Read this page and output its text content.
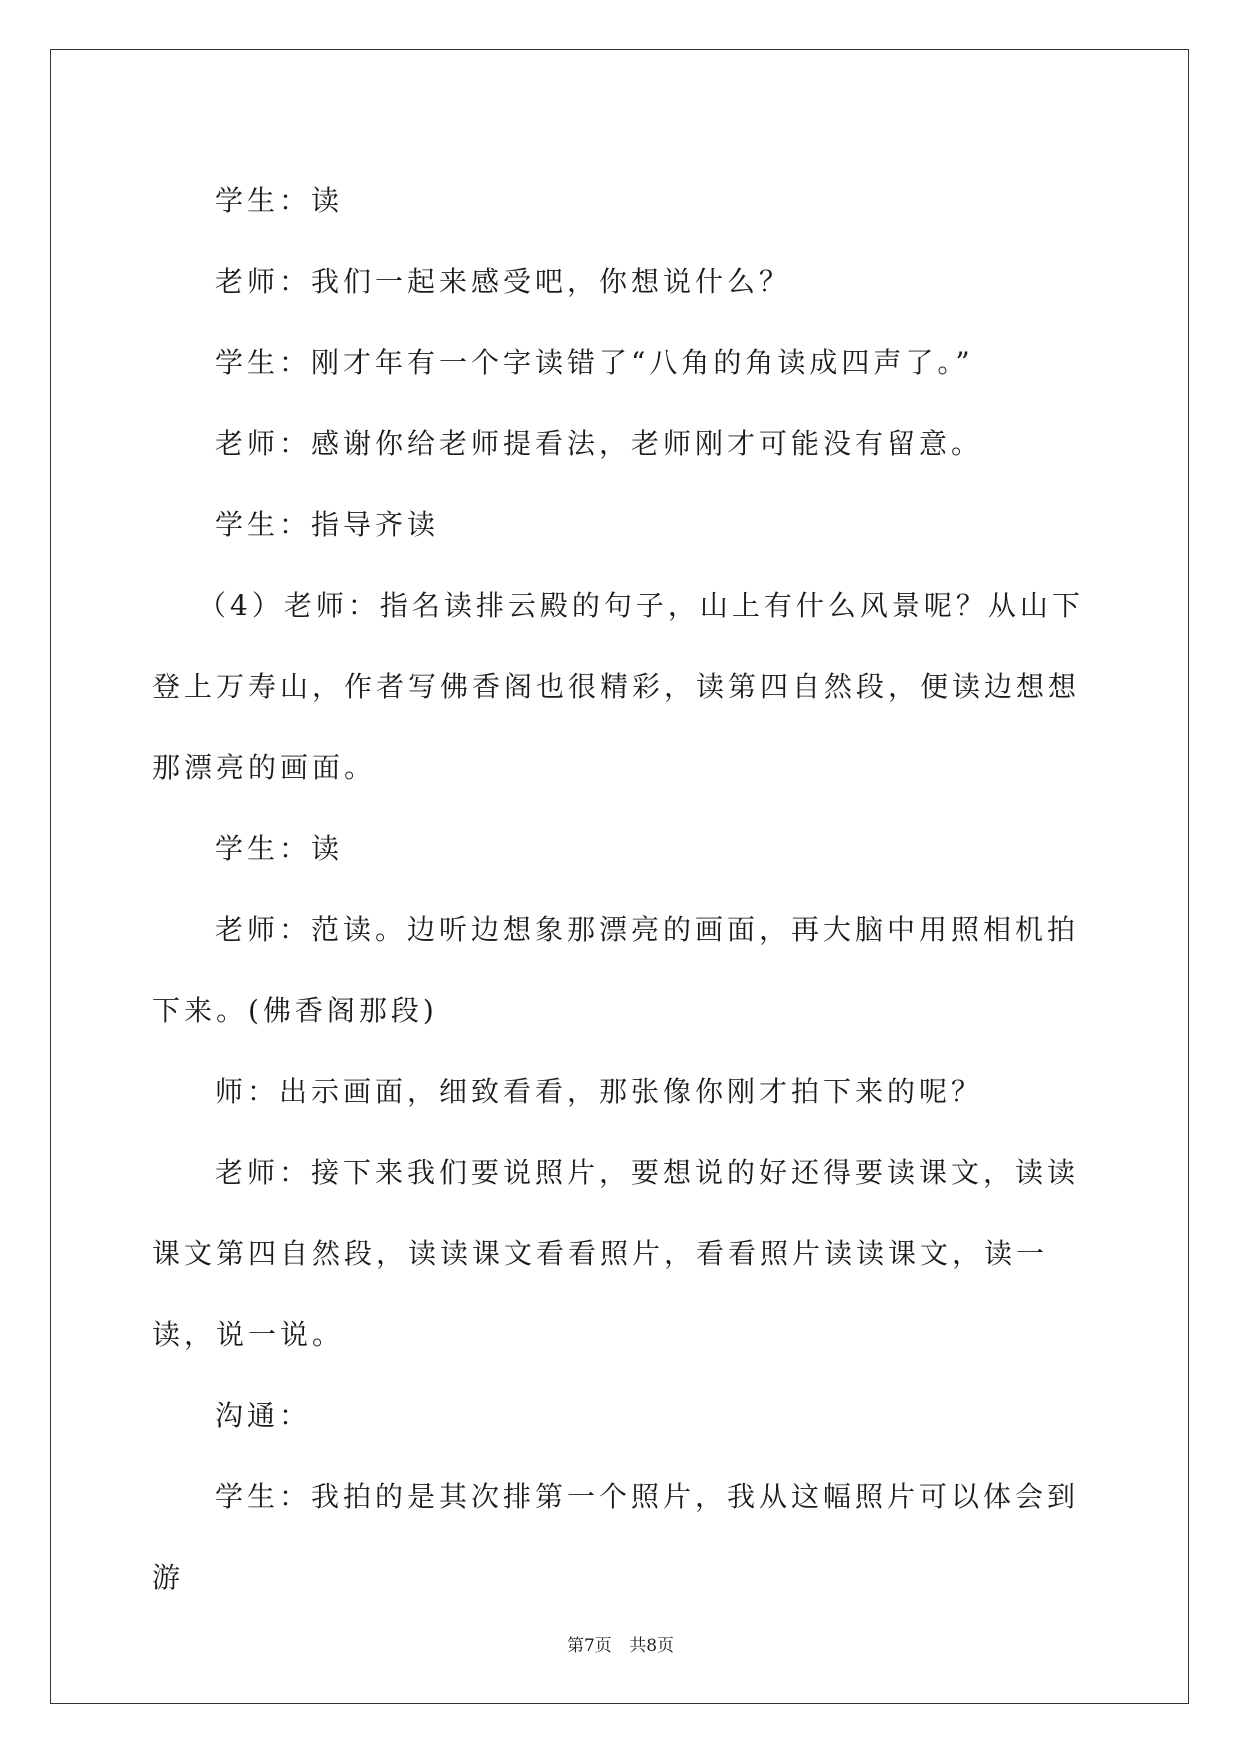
学生：读

老师：我们一起来感受吧，你想说什么？

学生：刚才年有一个字读错了“八角的角读成四声了。”

老师：感谢你给老师提看法，老师刚才可能没有留意。

学生：指导齐读

（4）老师：指名读排云殿的句子，山上有什么风景呢？从山下登上万寿山，作者写佛香阁也很精彩，读第四自然段，便读边想想那漂亮的画面。

学生：读

老师：范读。边听边想象那漂亮的画面，再大脑中用照相机拍下来。(佛香阁那段)

师：出示画面，细致看看，那张像你刚才拍下来的呢？

老师：接下来我们要说照片，要想说的好还得要读课文，读读课文第四自然段，读读课文看看照片，看看照片读读课文，读一读，说一说。

沟通：

学生：我拍的是其次排第一个照片，我从这幅照片可以体会到游

第7页 共8页
